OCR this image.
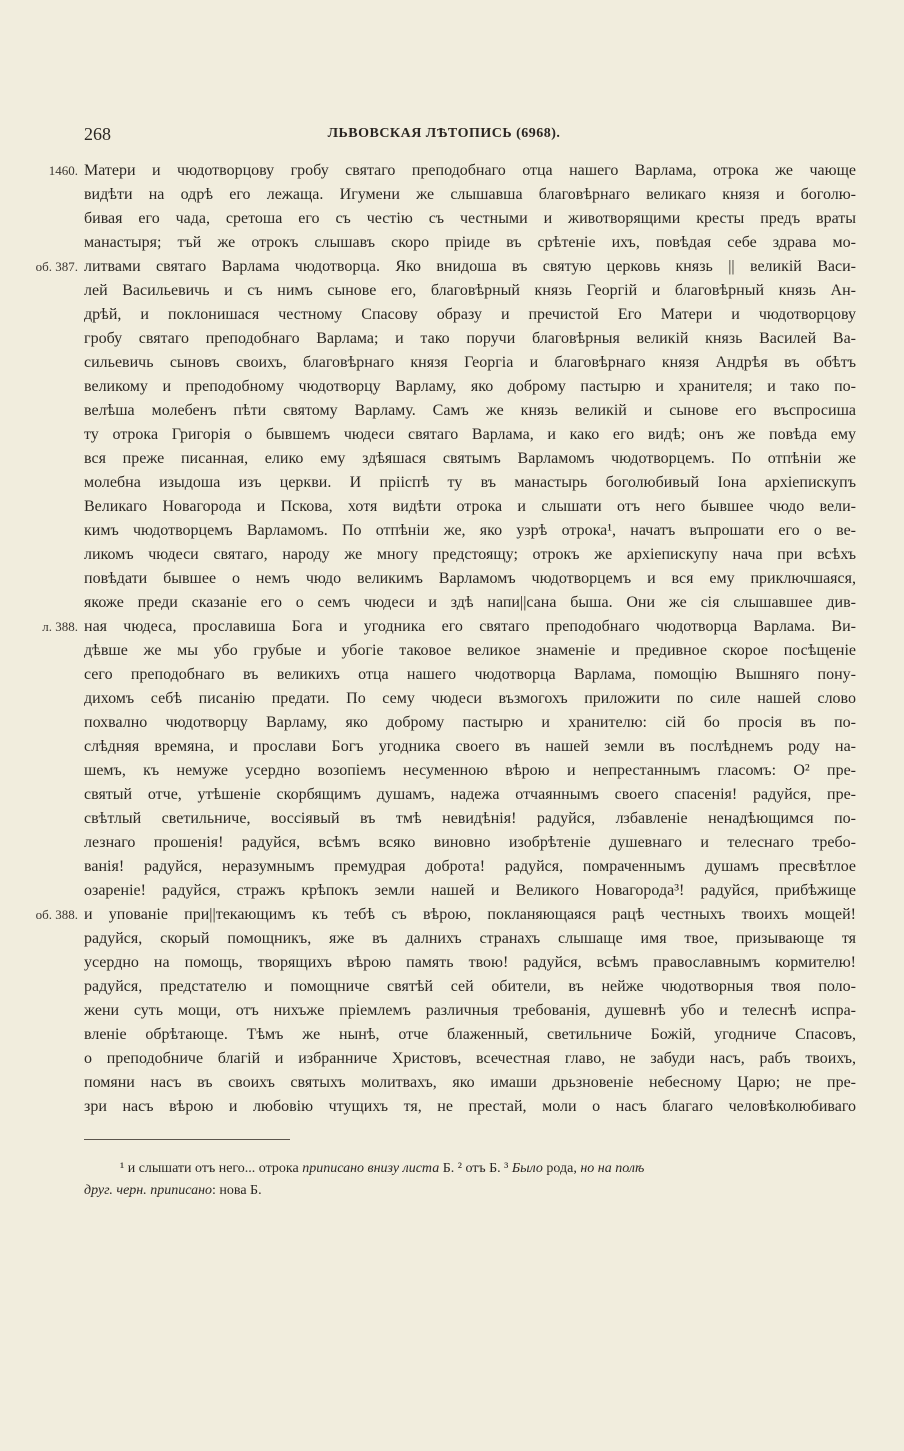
268	ЛЬВОВСКАЯ ЛѢТОПИСЬ (6968).
1460.
об. 387.
л. 388.
об. 388.
Матери и чюдотворцову гробу святаго преподобнаго отца нашего Варлама, отрока же чающе
видѣти на одрѣ его лежаща. Игумени же слышавша благовѣрнаго великаго князя и боголю-
бивая его чада, сретоша его съ честію съ честными и животворящими кресты предъ враты
манастыря; тъй же отрокъ слышавъ скоро пріиде въ срѣтеніе ихъ, повѣдая себе здрава мо-
литвами святаго Варлама чюдотворца. Яко внидоша въ святую церковь князь || великій Васи-
лей Васильевичь и съ нимъ сынове его, благовѣрный князь Георгій и благовѣрный князь Ан-
дрѣй, и поклонишася честному Спасову образу и пречистой Его Матери и чюдотворцову
гробу святаго преподобнаго Варлама; и тако поручи благовѣрныя великій князь Василей Ва-
сильевичь сыновъ своихъ, благовѣрнаго князя Георгіа и благовѣрнаго князя Андрѣя въ обѣтъ
великому и преподобному чюдотворцу Варламу, яко доброму пастырю и хранителя; и тако по-
велѣша молебенъ пѣти святому Варламу. Самъ же князь великій и сынове его въспросиша
ту отрока Григорія о бывшемъ чюдеси святаго Варлама, и како его видѣ; онъ же повѣда ему
вся преже писанная, елико ему здѣяшася святымъ Варламомъ чюдотворцемъ. По отпѣніи же
молебна изыдоша изъ церкви. И прііспѣ ту въ манастырь боголюбивый Іона архіепискупъ
Великаго Новагорода и Пскова, хотя видѣти отрока и слышати отъ него бывшее чюдо вели-
кимъ чюдотворцемъ Варламомъ. По отпѣніи же, яко узрѣ отрока¹, начатъ въпрошати его о ве-
ликомъ чюдеси святаго, народу же многу предстоящу; отрокъ же архіепискупу нача при всѣхъ
повѣдати бывшее о немъ чюдо великимъ Варламомъ чюдотворцемъ и вся ему приключшаяся,
якоже преди сказаніе его о семъ чюдеси и здѣ напи||сана быша. Они же сія слышавшее див-
ная чюдеса, прославиша Бога и угодника его святаго преподобнаго чюдотворца Варлама. Ви-
дѣвше же мы убо грубые и убогіе таковое великое знаменіе и предивное скорое посѣщеніе
сего преподобнаго въ великихъ отца нашего чюдотворца Варлама, помощію Вышняго пону-
дихомъ себѣ писанію предати. По сему чюдеси възмогохъ приложити по силе нашей слово
похвално чюдотворцу Варламу, яко доброму пастырю и хранителю: сій бо просія въ по-
слѣдняя времяна, и прослави Богъ угодника своего въ нашей земли въ послѣднемъ роду на-
шемъ, къ немуже усердно возопіемъ несуменною вѣрою и непрестаннымъ гласомъ: О² пре-
святый отче, утѣшеніе скорбящимъ душамъ, надежа отчаяннымъ своего спасенія! радуйся, пре-
свѣтлый светильниче, воссіявый въ тмѣ невидѣнія! радуйся, лзбавленіе ненадѣющимся по-
лезнаго прошенія! радуйся, всѣмъ всяко виновно изобрѣтеніе душевнаго и телеснаго требо-
ванія! радуйся, неразумнымъ премудрая доброта! радуйся, помраченнымъ душамъ пресвѣтлое
озареніе! радуйся, стражъ крѣпокъ земли нашей и Великого Новагорода³! радуйся, прибѣжище
и упованіе при||текающимъ къ тебѣ съ вѣрою, покланяющаяся рацѣ честныхъ твоихъ мощей!
радуйся, скорый помощникъ, яже въ далнихъ странахъ слышаще имя твое, призывающе тя
усердно на помощь, творящихъ вѣрою память твою! радуйся, всѣмъ православнымъ кормителю!
радуйся, предстателю и помощниче святѣй сей обители, въ нейже чюдотворныя твоя поло-
жени суть мощи, отъ нихъже пріемлемъ различныя требованія, душевнѣ убо и телеснѣ испра-
вленіе обрѣтающе. Тѣмъ же нынѣ, отче блаженный, светильниче Божій, угодниче Спасовъ,
о преподобниче благій и избранниче Христовъ, всечестная главо, не забуди насъ, рабъ твоихъ,
помяни насъ въ своихъ святыхъ молитвахъ, яко имаши дрьзновеніе небесному Царю; не пре-
зри насъ вѣрою и любовію чтущихъ тя, не престай, моли о насъ благаго человѣколюбиваго
¹ и слышати отъ него... отрока приписано внизу листа Б. ² отъ Б. ³ Было рода, но на полѣ
друг. черн. приписано: нова Б.
